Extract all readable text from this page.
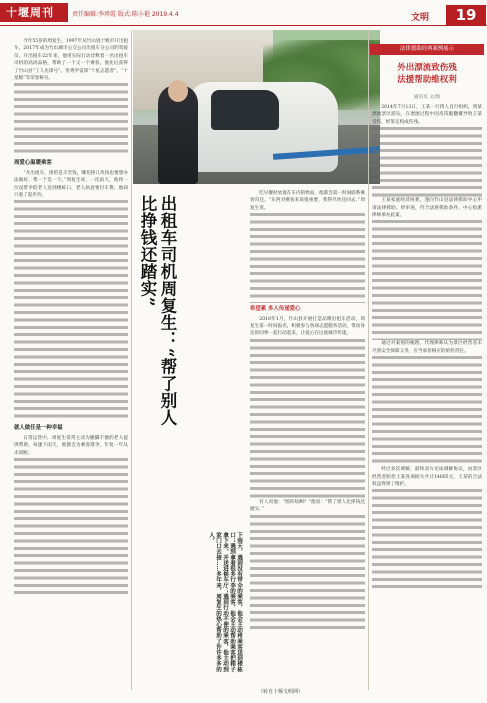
十堰周刊	责任编辑:李珍霞 版式:陈小艳 2019.4.4	文明	19

今年55岁的周复生，1997年从竹山到十堰市开出租车，2017年成为竹山城市公交公司出租车分公司的驾驶员。开出租车22年来，他用实际行动诠释着一名出租车司机的高尚品格，帮助了一个又一个乘客，他先后获得了竹山县“工人先锋号”、优秀学雷锋“十星志愿者”、“十星级”等荣誉称号。

周爱心温暖乘客

“开出租车，挣的是辛苦钱，哪怕挣几块钱也要想办法做好，帮一个是一个。”周复生说，一次雨天，他将一位没带伞的老人送到楼栋口，老人执意要付车费，他却只收了起步价。

就人做任是一种幸福

日常运营中，周复生常常主动为腿脚不便的老人提供帮助，每逢下雨天，他都会为乘客撑伞，年复一年从未间断。

出租车司机周复生：“帮了别人比挣钱还踏实”
下雨天，遇到没有带伞的乘客，他会主动将乘客送到楼栋口；遇到拿着很多行李的乘客，他会主动帮助乘客把箱子拿下来，并送进候车厅；遇到行动不便的乘客，他主动到家门口去接……多年来，周复生的热心帮助了许许多多的人。

吃早餐时放置在车内的物品，他都会第一时间联系乘客归还。“东西对乘客来说很重要，我得尽快还回去。”周复生说。

希望累 多人传递爱心

2018年1月，竹山县开展打造品牌出租车活动，周复生第一时间报名，积极参与各项志愿服务活动，带动身边的同事一起行动起来，让爱心在这座城市传递。

有人问他：“图你啥啊？”他说：“帮了别人比挣钱还踏实。”

法律援助经典案例展示
外出漂流致伤残
法援帮助维权利
通讯员 文/图

2014年7月13日，王某一行四人自行组织，到某漂流景区游玩，在漂流过程中因皮筏艇翻覆导致王某受伤，经鉴定构成伤残。

王某家庭经济困难，遂向竹山县法律援助中心申请法律援助。经审查，符合法律援助条件，中心指派律师承办此案。

通过对案情的梳理，代理律师认为景区经营者未尽到安全保障义务，应当承担相应的赔偿责任。

经过多次调解，最终双方达成调解协议，由景区经营者赔偿王某各项损失共计14605元，王某的合法权益得到了维护。

（转自十堰文明网）
